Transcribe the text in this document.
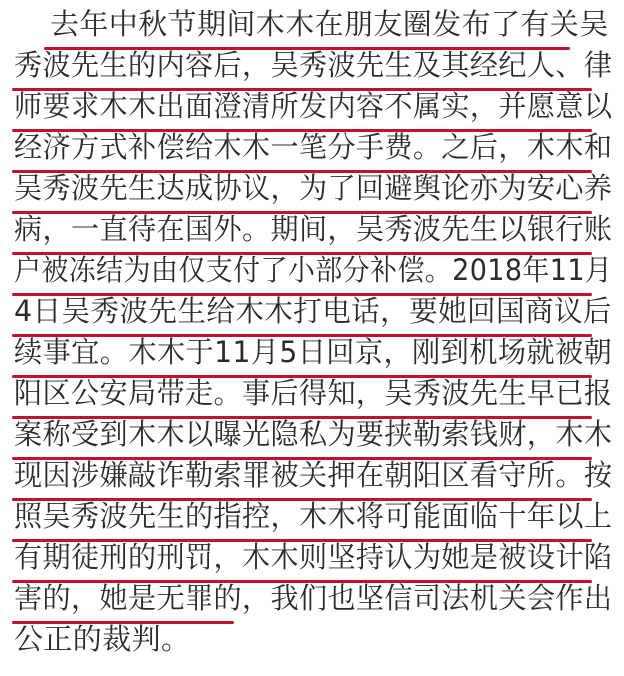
去年中秋节期间木木在朋友圈发布了有关吴
秀波先生的内容后，吴秀波先生及其经纪人、律
师要求木木出面澄清所发内容不属实，并愿意以
经济方式补偿给木木一笔分手费。之后，木木和
吴秀波先生达成协议，为了回避舆论亦为安心养
病，一直待在国外。期间，吴秀波先生以银行账
户被冻结为由仅支付了小部分补偿。2018年11月
4日吴秀波先生给木木打电话，要她回国商议后
续事宜。木木于11月5日回京，刚到机场就被朝
阳区公安局带走。事后得知，吴秀波先生早已报
案称受到木木以曝光隐私为要挟勒索钱财，木木
现因涉嫌敲诈勒索罪被关押在朝阳区看守所。按
照吴秀波先生的指控，木木将可能面临十年以上
有期徒刑的刑罚，木木则坚持认为她是被设计陷
害的，她是无罪的，我们也坚信司法机关会作出
公正的裁判。
